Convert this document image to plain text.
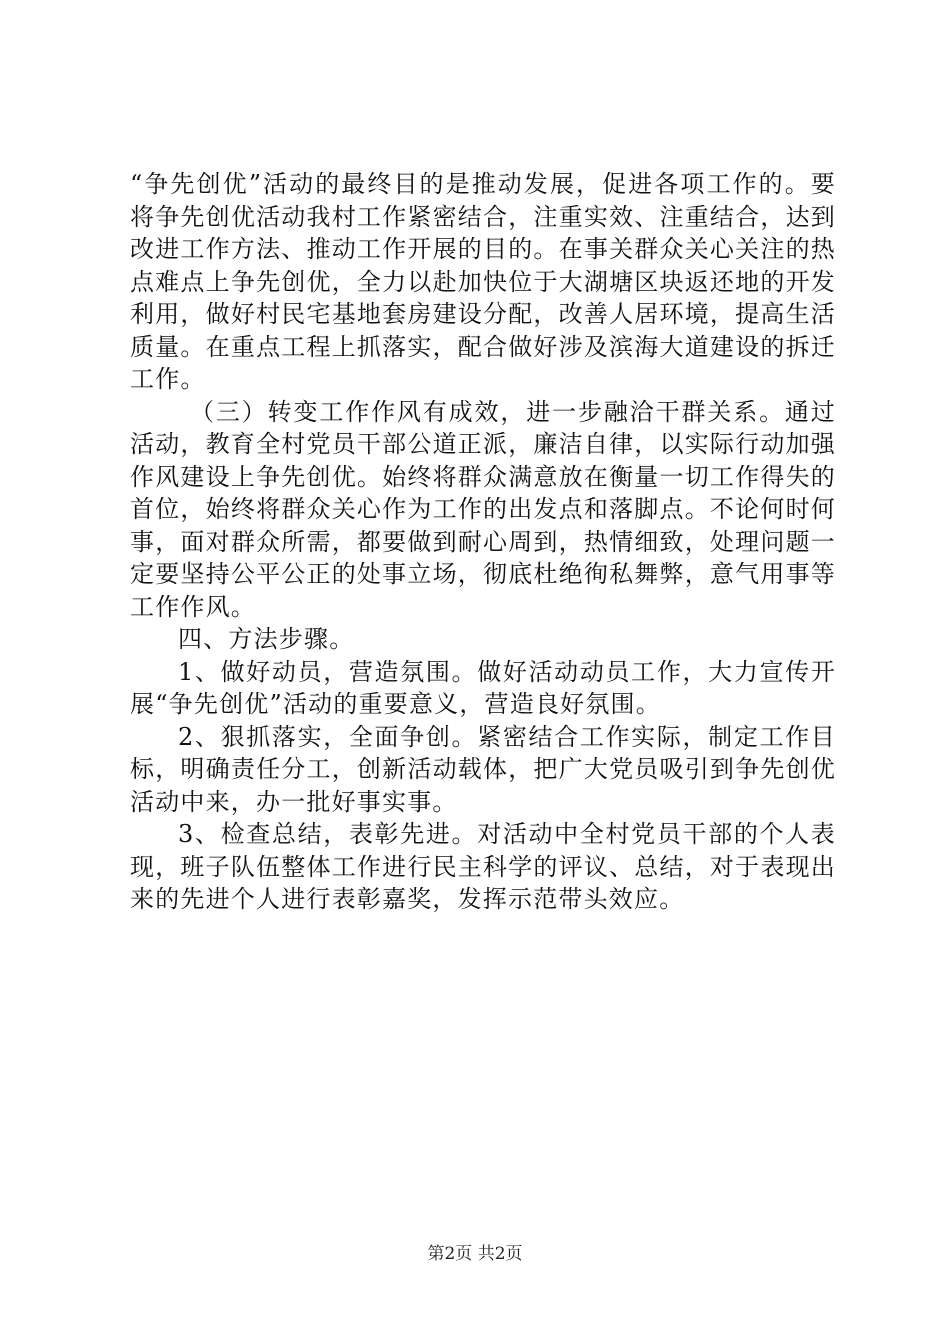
“争先创优”活动的最终目的是推动发展，促进各项工作的。要将争先创优活动我村工作紧密结合，注重实效、注重结合，达到改进工作方法、推动工作开展的目的。在事关群众关心关注的热点难点上争先创优，全力以赴加快位于大湖塘区块返还地的开发利用，做好村民宅基地套房建设分配，改善人居环境，提高生活质量。在重点工程上抓落实，配合做好涉及滨海大道建设的拆迁工作。

（三）转变工作作风有成效，进一步融洽干群关系。通过活动，教育全村党员干部公道正派，廉洁自律，以实际行动加强作风建设上争先创优。始终将群众满意放在衡量一切工作得失的首位，始终将群众关心作为工作的出发点和落脚点。不论何时何事，面对群众所需，都要做到耐心周到，热情细致，处理问题一定要坚持公平公正的处事立场，彻底杜绝徇私舞弊，意气用事等工作作风。

四、方法步骤。

1、做好动员，营造氛围。做好活动动员工作，大力宣传开展“争先创优”活动的重要意义，营造良好氛围。

2、狠抓落实，全面争创。紧密结合工作实际，制定工作目标，明确责任分工，创新活动载体，把广大党员吸引到争先创优活动中来，办一批好事实事。

3、检查总结，表彰先进。对活动中全村党员干部的个人表现，班子队伍整体工作进行民主科学的评议、总结，对于表现出来的先进个人进行表彰嘉奖，发挥示范带头效应。

第2页 共2页
